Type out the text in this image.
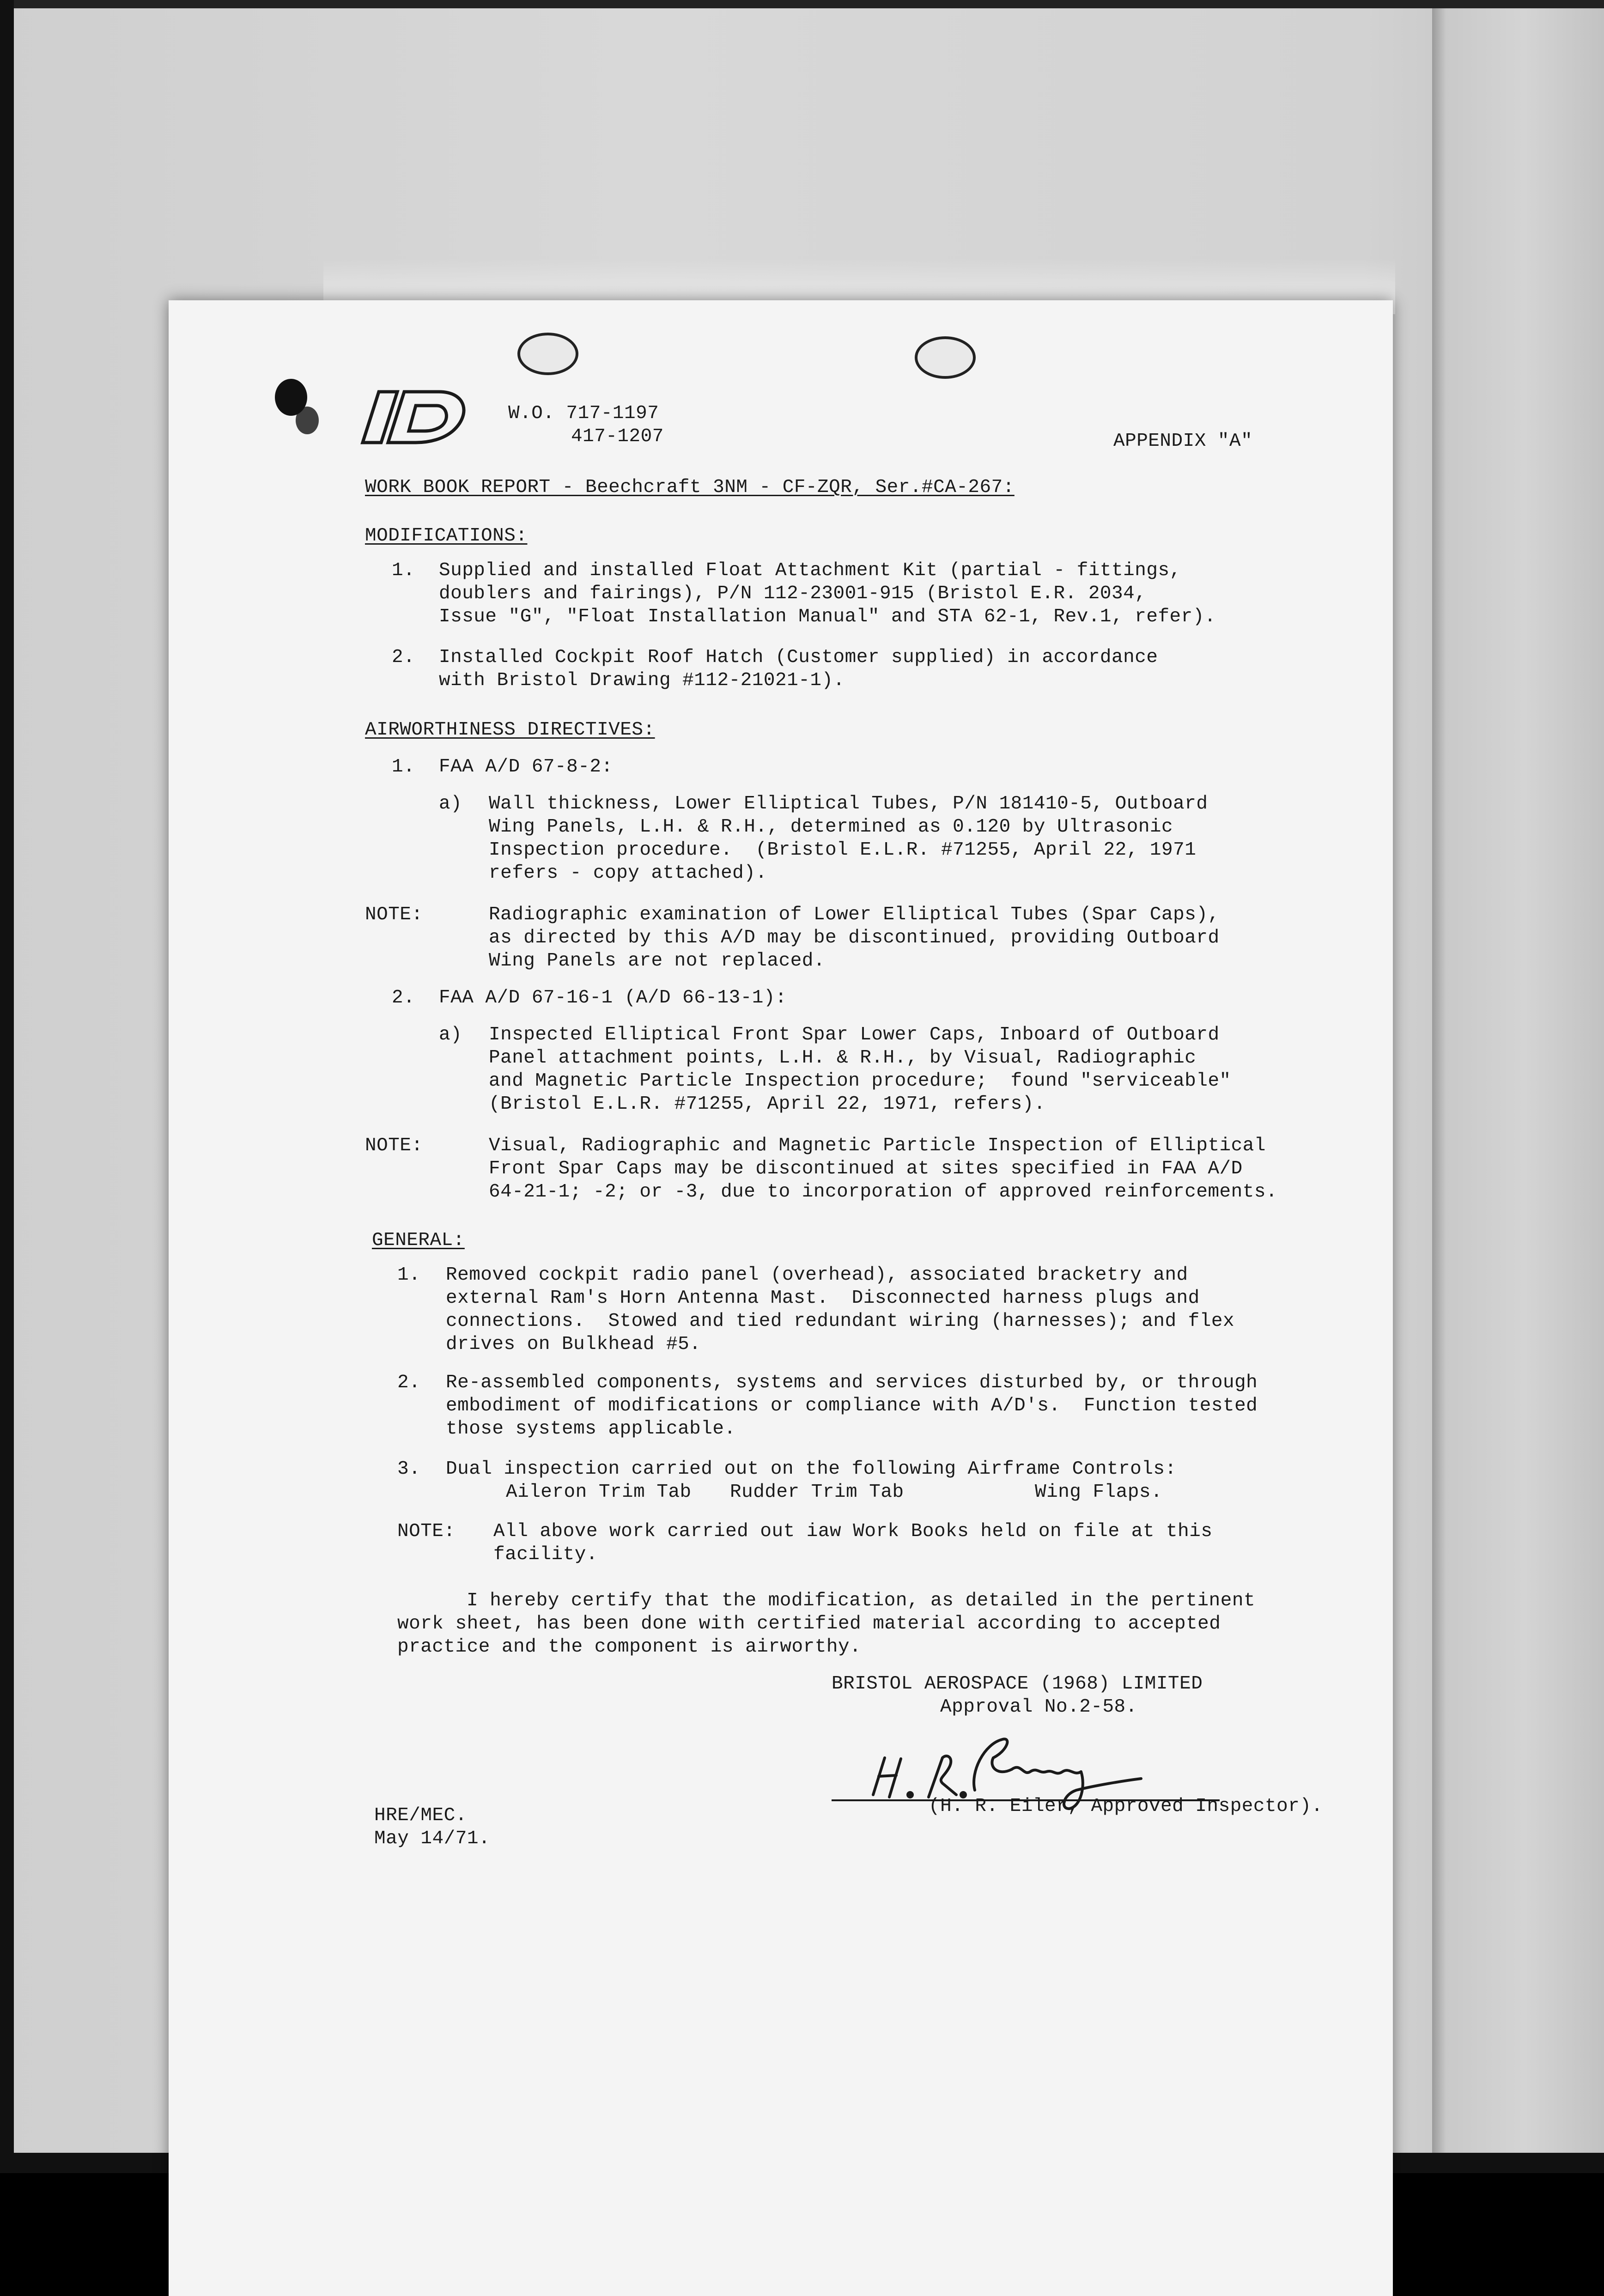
W.O. 717-1197

417-1207	APPENDIX "A"

WORK BOOK REPORT - Beechcraft 3NM - CF-ZQR, Ser.#CA-267:

MODIFICATIONS:

1. Supplied and installed Float Attachment Kit (partial - fittings,

doublers and fairings), P/N 112-23001-915 (Bristol E.R. 2034,

Issue "G", "Float Installation Manual" and STA 62-1, Rev.1, refer).

2. Installed Cockpit Roof Hatch (Customer supplied) in accordance

with Bristol Drawing #112-21021-1).

AIRWORTHINESS DIRECTIVES:

1. FAA A/D 67-8-2:

a) Wall thickness, Lower Elliptical Tubes, P/N 181410-5, Outboard

Wing Panels, L.H. & R.H., determined as 0.120 by Ultrasonic

Inspection procedure.  (Bristol E.L.R. #71255, April 22, 1971

refers - copy attached).

NOTE:	Radiographic examination of Lower Elliptical Tubes (Spar Caps),

as directed by this A/D may be discontinued, providing Outboard

Wing Panels are not replaced.

2. FAA A/D 67-16-1 (A/D 66-13-1):

a) Inspected Elliptical Front Spar Lower Caps, Inboard of Outboard

Panel attachment points, L.H. & R.H., by Visual, Radiographic

and Magnetic Particle Inspection procedure;  found "serviceable"

(Bristol E.L.R. #71255, April 22, 1971, refers).

NOTE:	Visual, Radiographic and Magnetic Particle Inspection of Elliptical

Front Spar Caps may be discontinued at sites specified in FAA A/D

64-21-1; -2; or -3, due to incorporation of approved reinforcements.

GENERAL:

1. Removed cockpit radio panel (overhead), associated bracketry and

external Ram's Horn Antenna Mast.  Disconnected harness plugs and

connections.  Stowed and tied redundant wiring (harnesses); and flex

drives on Bulkhead #5.

2. Re-assembled components, systems and services disturbed by, or through

embodiment of modifications or compliance with A/D's.  Function tested

those systems applicable.

3. Dual inspection carried out on the following Airframe Controls:

Aileron Trim Tab Rudder Trim Tab	Wing Flaps.

NOTE: All above work carried out iaw Work Books held on file at this

facility.

I hereby certify that the modification, as detailed in the pertinent

work sheet, has been done with certified material according to accepted

practice and the component is airworthy.

BRISTOL AEROSPACE (1968) LIMITED

Approval No.2-58.

(H. R. Eiler, Approved Inspector).

HRE/MEC.

May 14/71.
